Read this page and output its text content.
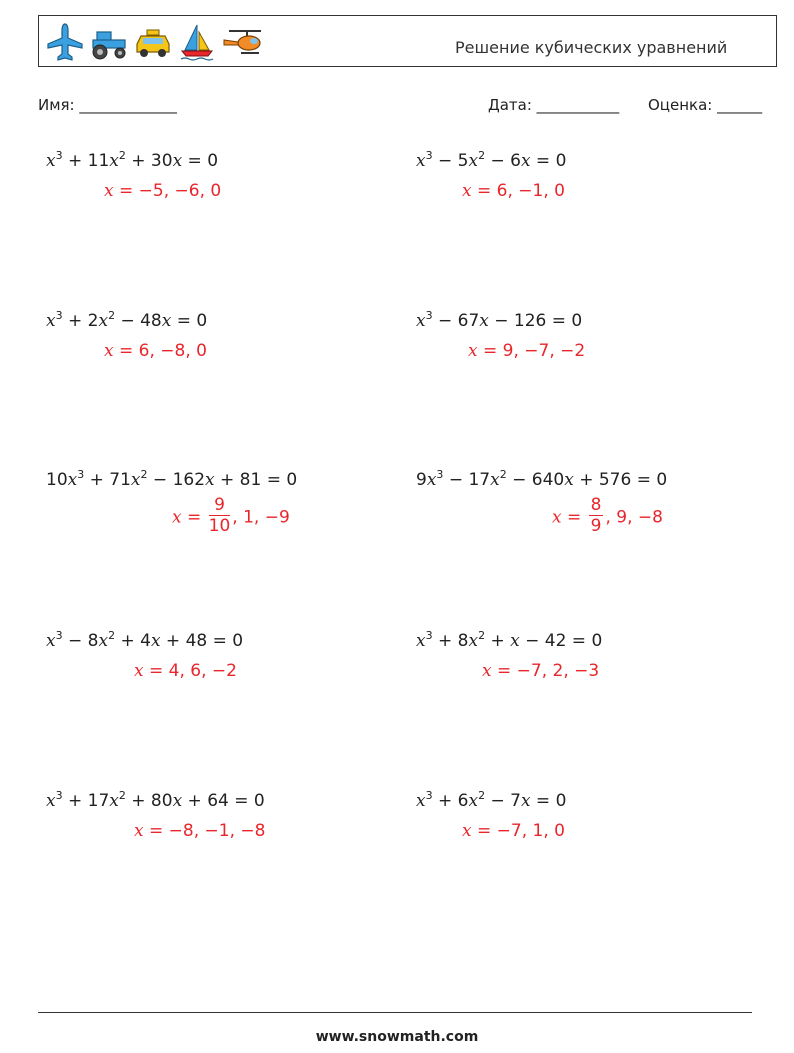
Решение кубических уравнений
Имя: _____________	Дата: ___________ Оценка: ______
$x^3 + 11x^2 + 30x = 0$
x = −5, −6, 0
$x^3 - 5x^2 - 6x = 0$
x = 6, −1, 0
$x^3 + 2x^2 - 48x = 0$
x = 6, −8, 0
$x^3 - 67x - 126 = 0$
x = 9, −7, −2
$10x^3 + 71x^2 - 162x + 81 = 0$
$x = \frac{9}{10}$ , 1, −9
$9x^3 - 17x^2 - 640x + 576 = 0$
$x = \frac{8}{9}$ , 9, −8
$x^3 - 8x^2 + 4x + 48 = 0$
x = 4, 6, −2
$x^3 + 8x^2 + x - 42 = 0$
x = −7, 2, −3
$x^3 + 17x^2 + 80x + 64 = 0$
x = −8, −1, −8
$x^3 + 6x^2 - 7x = 0$
x = −7, 1, 0
www.snowmath.com
